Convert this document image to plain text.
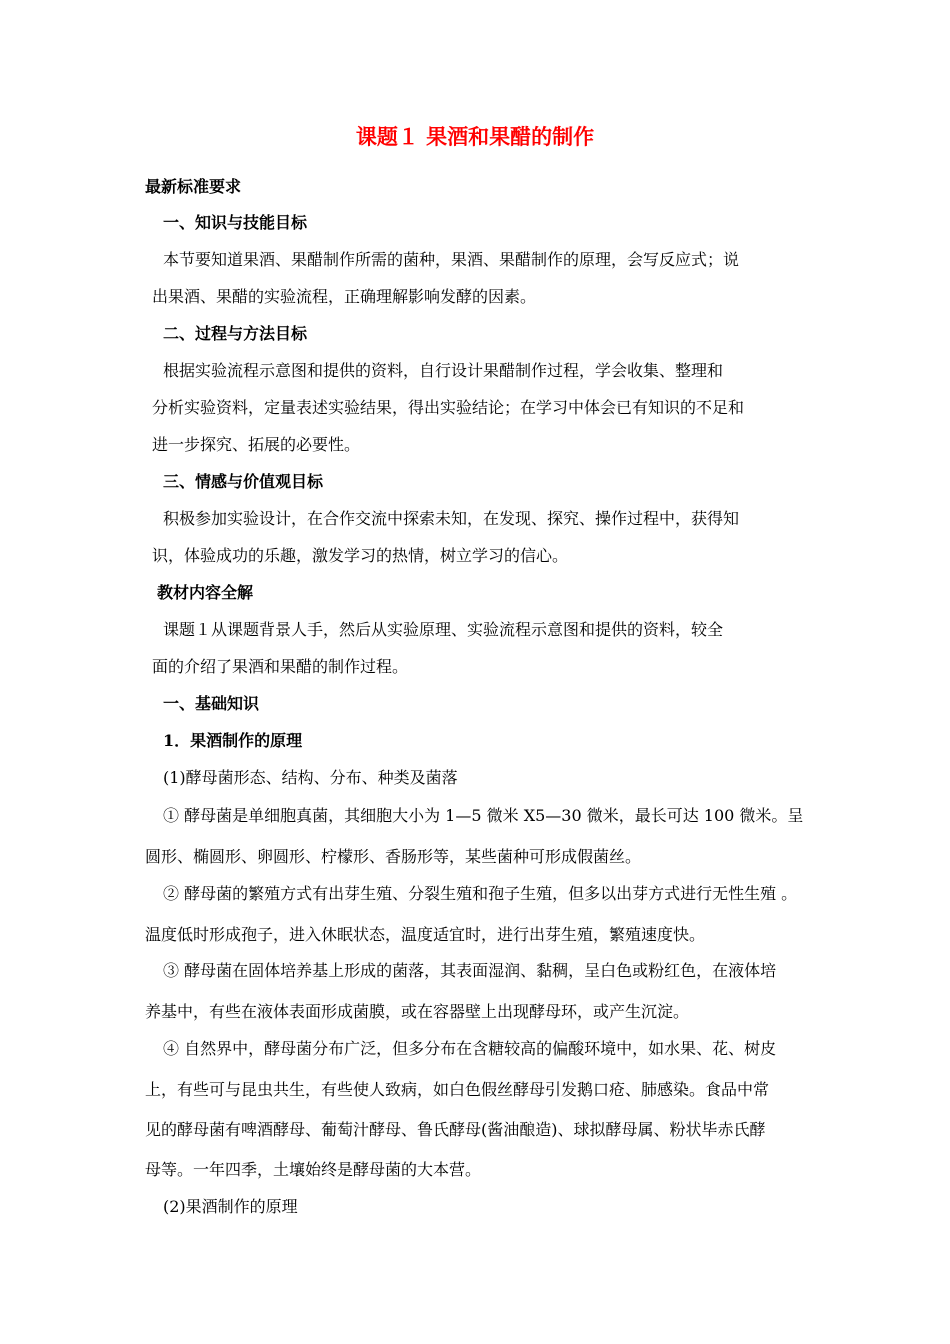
课题１ 果酒和果醋的制作
最新标准要求
一、知识与技能目标
本节要知道果酒、果醋制作所需的菌种，果酒、果醋制作的原理，会写反应式；说
出果酒、果醋的实验流程，正确理解影响发酵的因素。
二、过程与方法目标
根据实验流程示意图和提供的资料，自行设计果醋制作过程，学会收集、整理和
分析实验资料，定量表述实验结果，得出实验结论；在学习中体会已有知识的不足和
进一步探究、拓展的必要性。
三、情感与价值观目标
积极参加实验设计，在合作交流中探索未知，在发现、探究、操作过程中，获得知
识，体验成功的乐趣，激发学习的热情，树立学习的信心。
教材内容全解
课题１从课题背景人手，然后从实验原理、实验流程示意图和提供的资料，较全
面的介绍了果酒和果醋的制作过程。
一、基础知识
1．果酒制作的原理
(1)酵母菌形态、结构、分布、种类及菌落
① 酵母菌是单细胞真菌，其细胞大小为 1—5 微米 X5—30 微米，最长可达 100 微米。呈
圆形、椭圆形、卵圆形、柠檬形、香肠形等，某些菌种可形成假菌丝。
② 酵母菌的繁殖方式有出芽生殖、分裂生殖和孢子生殖，但多以出芽方式进行无性生殖 。
温度低时形成孢子，进入休眠状态，温度适宜时，进行出芽生殖，繁殖速度快。
③ 酵母菌在固体培养基上形成的菌落，其表面湿润、黏稠，呈白色或粉红色，在液体培
养基中，有些在液体表面形成菌膜，或在容器壁上出现酵母环，或产生沉淀。
④ 自然界中，酵母菌分布广泛，但多分布在含糖较高的偏酸环境中，如水果、花、树皮
上，有些可与昆虫共生，有些使人致病，如白色假丝酵母引发鹅口疮、肺感染。食品中常
见的酵母菌有啤酒酵母、葡萄汁酵母、鲁氏酵母(酱油酿造)、球拟酵母属、粉状毕赤氏酵
母等。一年四季，土壤始终是酵母菌的大本营。
(2)果酒制作的原理
